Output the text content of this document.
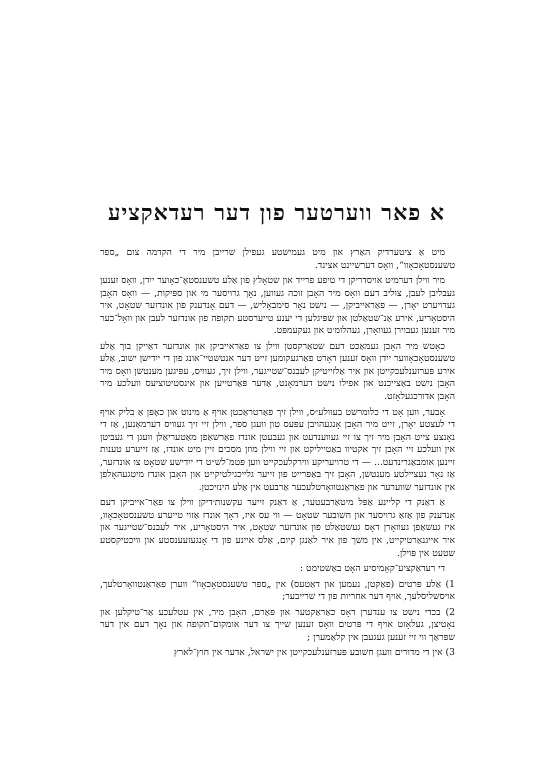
א פאר ווערטער פון דער רעדאקציע

מיט אַ ציטערדיק האַרץ און מיט געמישטע געפילן שרייבן מיר די הקדמה צום „ספר טשענסטאָכאָוו“, וואָס דערשיינט אצינד.

מיר ווילן דערמיט אויסדריקן די טיפע פרייד און שטאָלץ פון אַלע טשענסטאָ־כאָוער ייִדן, וואָס זענען געבליבן לעבן, צוליב דעם וואָס מיר האָבן זוכה געווען, נאָך גרויסער מי און ספּיקות, — וואָס האָבן געדויערט יאָרן, — פאַראייביקן, — נישט נאָר סימבאָליש, — דעם אָנדענק פון אונדזער שטאָט, איר היסטאָריע, אירע אַנ־שטאַלטן און שפּיגלען די יענע טייערסטע תקופה פון אונדזער לעבן און וואָל־כער מיר זענען געבוירן געוואָרן, געהלומ׳ט און געקעמפּט.

כאָטש מיר האָבן געמאַכט דעם שטאַרקסטן ווילן צו פאַראייביקן און אונדזער דאַייקן בוך אַלע טשענסטאָכאָווער ייִדן וואָס זענען דאָרט פאַרגעקומען זייט דער אנטשטיי־אונג פון די ייִדישן ישוב, אַלע אירע פּערזענלעכקייטן און איר אַלזייטיקן לעבנס־שטייגער, ווילן זיך, געוויס, עפּיגען מענטשן וואָס מיר האָבן נישט באַצייכנט און אפילו נישט דערמאָנט, אַדער פּאַרטייען און אינסטיטוציעס וועלכע מיר האָבן אדורכגעלאָזט.

אָבער, ווען אָט די כלומרשט בעוולע״ס, ווילן זיך פאַרטראַכטן אויף אַ מינוט און כאָפּן אַ בליק אויף די לעצטע יאָרן, זייט מיר האָבן אָנגעהויבן עפּעס טון וועגן ספר, ווילן זיי זיך געוויס דערמאַנען, אַז די נאָנצע צייט האָבן מיר זיך צו זיי געווענדעט און געבעטן אונדז פאַרשאַפן מאַטעריאַלן וועגן די געביטן אין וועלכע זיי האָבן זיך אקטיוו באַטייליקט און זיי ווילן מוזן מסכים זיין מיט אונדז, אַז זייערע טענות זיינען אומבאַגרינדעט... — די טרויעריקע ווירקלעכקייט ווען פּטמ־לש״ט די ייִדישע שטאָט צו אונדזער, אַז נאָר נעציילטע מענטשן, האָבן זיך באַפּרייט פון זייער גלייכגילטיקייט און האָבן אונדז מיטגעהאָלפן אין אונדזער שווערער און פאַראַנטוואָרטלעכער אַרבעט אין אַלע הינזיכטן.

אַ דאַנק די קליינע אַפּל מיטאַרבעטער, אַ דאַנק זייער עקשנות׳דיקן ווילן צו פאַר־אייביקן דעם אָנדענק פון אַזאַ גרויסער און חשובער שטאָט — ווי עס איז, דאָך אונדז אַזוי טייערע טשענסטאָכאָוו, איז געשאַפן געוואָרן דאָס געשטאַלט פון אונדזער שטאָט, איר היסטאָריע, איר לעבנס־שטייגער און איר אייגנאַרטיקייט, אין משך פון איר לאַנגן קיום, אַלס איינע פון די אָנגעזעענסטע און וויכטיקסטע שטעט אין פּוילן.

די רעדאַקציע־קאָמיסיע האָט באַשטימט :

1) אַלע פּרטים (פאַקטן, נעמען און דאַטעס) אין „ספר טשענסטאָכאָוו“ ווערן פאַראַנטוואָרטלעך, אויסשליסלעך, אויף דער אחריות פון די שרייבער;

2) בכדי נישט צו ענדערן דאָס כאַראַקטער און פּאַרם, האָבן מיר, אין עטלעכע אַר־טיקלען און נאָטיצן, געלאָזט אויף די פּרטים וואָס זענען שייך צו דער אומקום־תקופה און נאָך דעם אין דער שפּראַך ווי זיי זענען געגעבן אין קלאַמערן ;

3) אין די מדורים וועגן חשובע פּערזענלעכקייטן אין ישראל, אדער אין חוץ־לארץ
